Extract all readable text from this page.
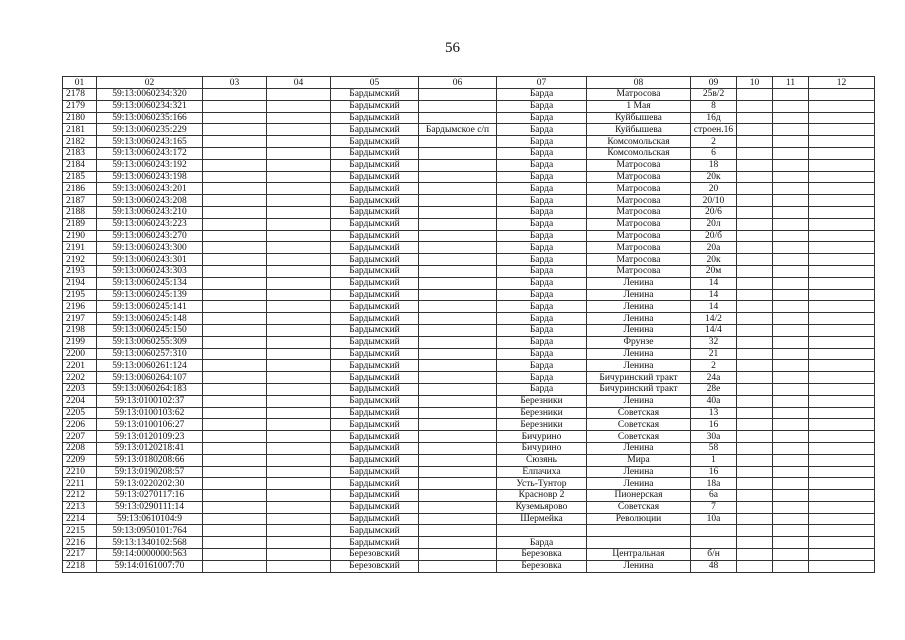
56
01	02	03	04	05	06	07	08	09	10	11	12
2178	59:13:0060234:320			Бардымский		Барда	Матросова	25в/2			
2179	59:13:0060234:321			Бардымский		Барда	1 Мая	8			
2180	59:13:0060235:166			Бардымский		Барда	Куйбышева	16д			
2181	59:13:0060235:229			Бардымский	Бардымское с/п	Барда	Куйбышева	строен.16			
2182	59:13:0060243:165			Бардымский		Барда	Комсомольская	2			
2183	59:13:0060243:172			Бардымский		Барда	Комсомольская	6			
2184	59:13:0060243:192			Бардымский		Барда	Матросова	18			
2185	59:13:0060243:198			Бардымский		Барда	Матросова	20к			
2186	59:13:0060243:201			Бардымский		Барда	Матросова	20			
2187	59:13:0060243:208			Бардымский		Барда	Матросова	20/10			
2188	59:13:0060243:210			Бардымский		Барда	Матросова	20/6			
2189	59:13:0060243:223			Бардымский		Барда	Матросова	20л			
2190	59:13:0060243:270			Бардымский		Барда	Матросова	20/б			
2191	59:13:0060243:300			Бардымский		Барда	Матросова	20а			
2192	59:13:0060243:301			Бардымский		Барда	Матросова	20к			
2193	59:13:0060243:303			Бардымский		Барда	Матросова	20м			
2194	59:13:0060245:134			Бардымский		Барда	Ленина	14			
2195	59:13:0060245:139			Бардымский		Барда	Ленина	14			
2196	59:13:0060245:141			Бардымский		Барда	Ленина	14			
2197	59:13:0060245:148			Бардымский		Барда	Ленина	14/2			
2198	59:13:0060245:150			Бардымский		Барда	Ленина	14/4			
2199	59:13:0060255:309			Бардымский		Барда	Фрунзе	32			
2200	59:13:0060257:310			Бардымский		Барда	Ленина	21			
2201	59:13:0060261:124			Бардымский		Барда	Ленина	2			
2202	59:13:0060264:107			Бардымский		Барда	Бичуринский тракт	24а			
2203	59:13:0060264:183			Бардымский		Барда	Бичуринский тракт	28е			
2204	59:13:0100102:37			Бардымский		Березники	Ленина	40а			
2205	59:13:0100103:62			Бардымский		Березники	Советская	13			
2206	59:13:0100106:27			Бардымский		Березники	Советская	16			
2207	59:13:0120109:23			Бардымский		Бичурино	Советская	30а			
2208	59:13:0120218:41			Бардымский		Бичурино	Ленина	58			
2209	59:13:0180208:66			Бардымский		Сюзянь	Мира	1			
2210	59:13:0190208:57			Бардымский		Елпачиха	Ленина	16			
2211	59:13:0220202:30			Бардымский		Усть-Тунтор	Ленина	18а			
2212	59:13:0270117:16			Бардымский		Красновр 2	Пионерская	6а			
2213	59:13:0290111:14			Бардымский		Куземьярово	Советская	7			
2214	59:13:0610104:9			Бардымский		Шермейка	Революции	10а			
2215	59:13:0950101:764			Бардымский							
2216	59:13:1340102:568			Бардымский		Барда					
2217	59:14:0000000:563			Березовский		Березовка	Центральная	б/н			
2218	59:14:0161007:70			Березовский		Березовка	Ленина	48			
